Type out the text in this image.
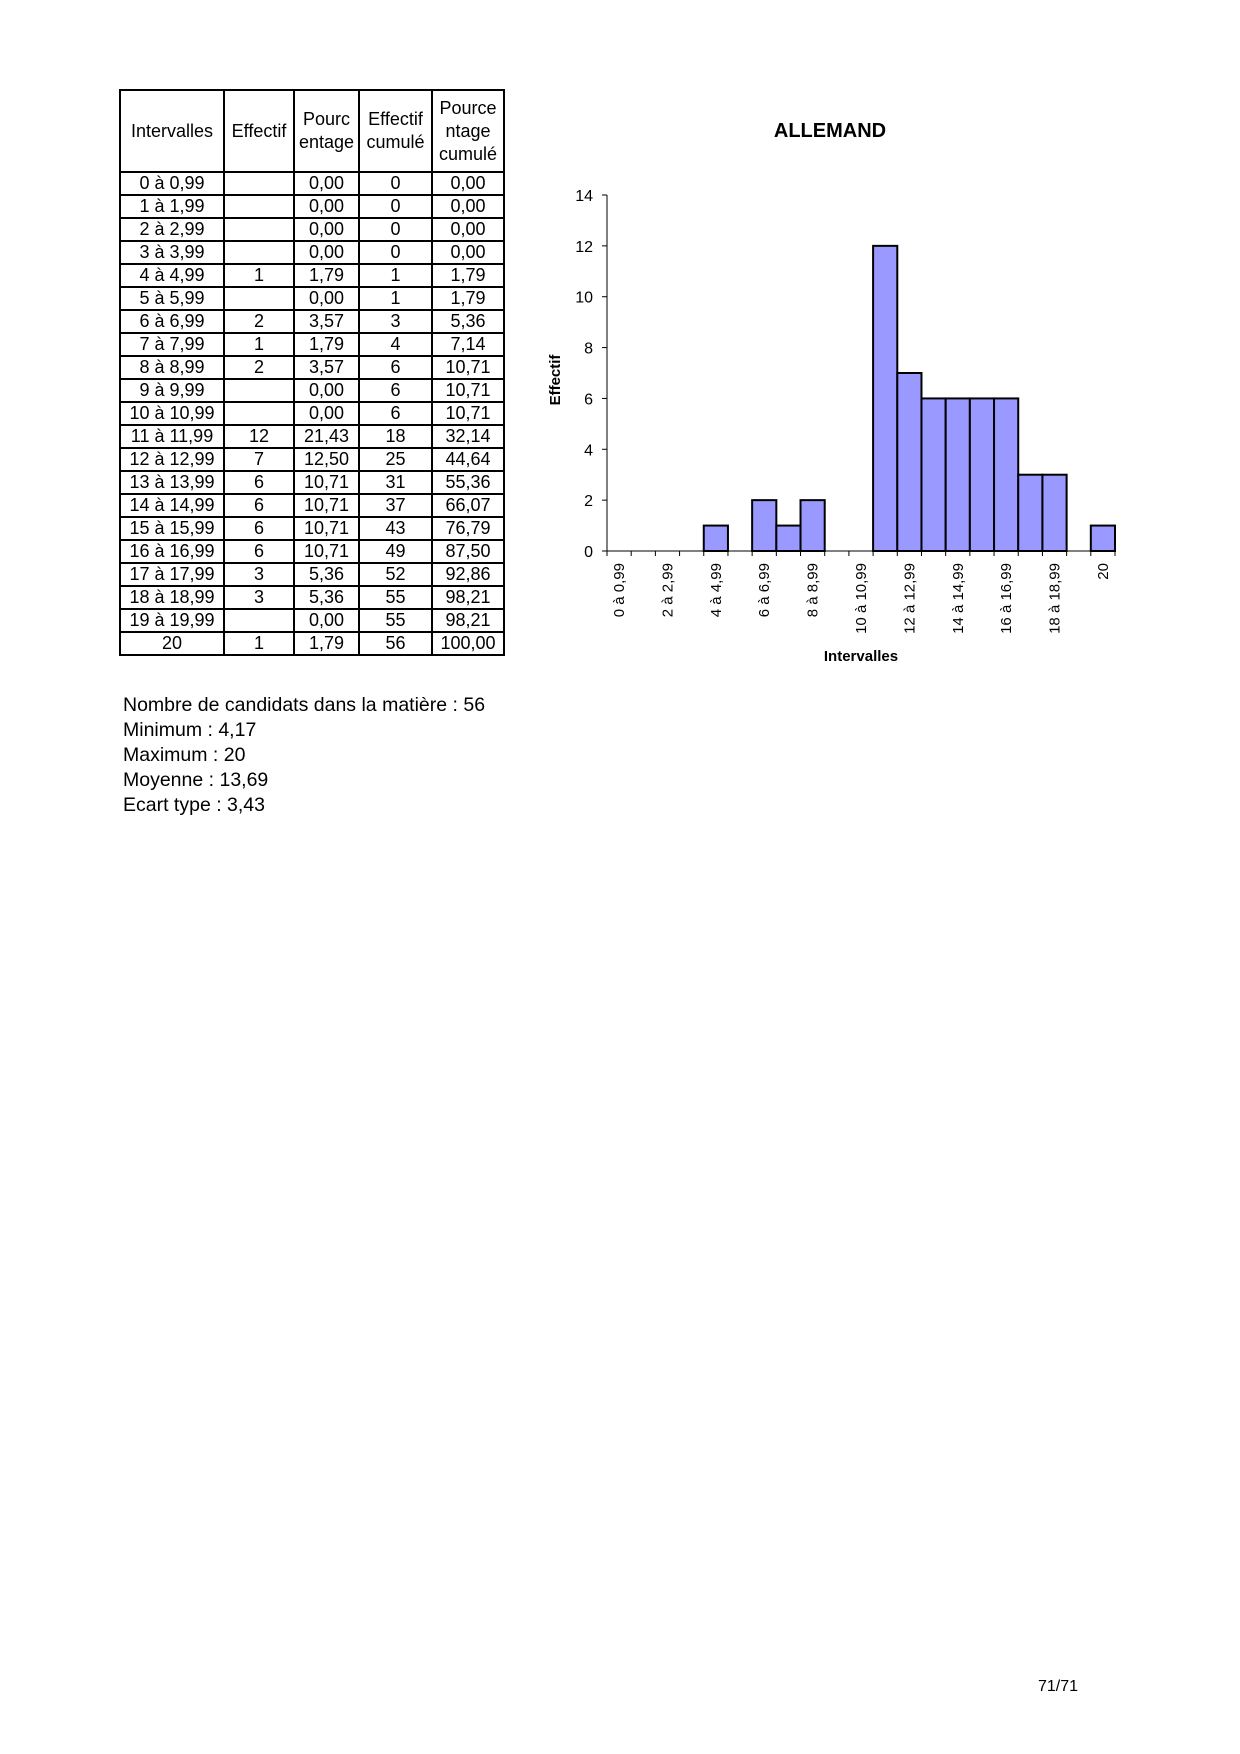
Intervalles	Effectif	Pourc entage	Effectif cumulé	Pource ntage cumulé
0 à 0,99		0,00	0	0,00
1 à 1,99		0,00	0	0,00
2 à 2,99		0,00	0	0,00
3 à 3,99		0,00	0	0,00
4 à 4,99	1	1,79	1	1,79
5 à 5,99		0,00	1	1,79
6 à 6,99	2	3,57	3	5,36
7 à 7,99	1	1,79	4	7,14
8 à 8,99	2	3,57	6	10,71
9 à 9,99		0,00	6	10,71
10 à 10,99		0,00	6	10,71
11 à 11,99	12	21,43	18	32,14
12 à 12,99	7	12,50	25	44,64
13 à 13,99	6	10,71	31	55,36
14 à 14,99	6	10,71	37	66,07
15 à 15,99	6	10,71	43	76,79
16 à 16,99	6	10,71	49	87,50
17 à 17,99	3	5,36	52	92,86
18 à 18,99	3	5,36	55	98,21
19 à 19,99		0,00	55	98,21
20	1	1,79	56	100,00
Nombre de candidats dans la matière : 56
Minimum : 4,17
Maximum : 20
Moyenne : 13,69
Ecart type : 3,43
ALLEMAND
Effectif
Intervalles
0
2
4
6
8
10
12
14
0 à 0,99 2 à 2,99 4 à 4,99 6 à 6,99 8 à 8,99 10 à 10,99 12 à 12,99 14 à 14,99 16 à 16,99 18 à 18,99 20
71/71
